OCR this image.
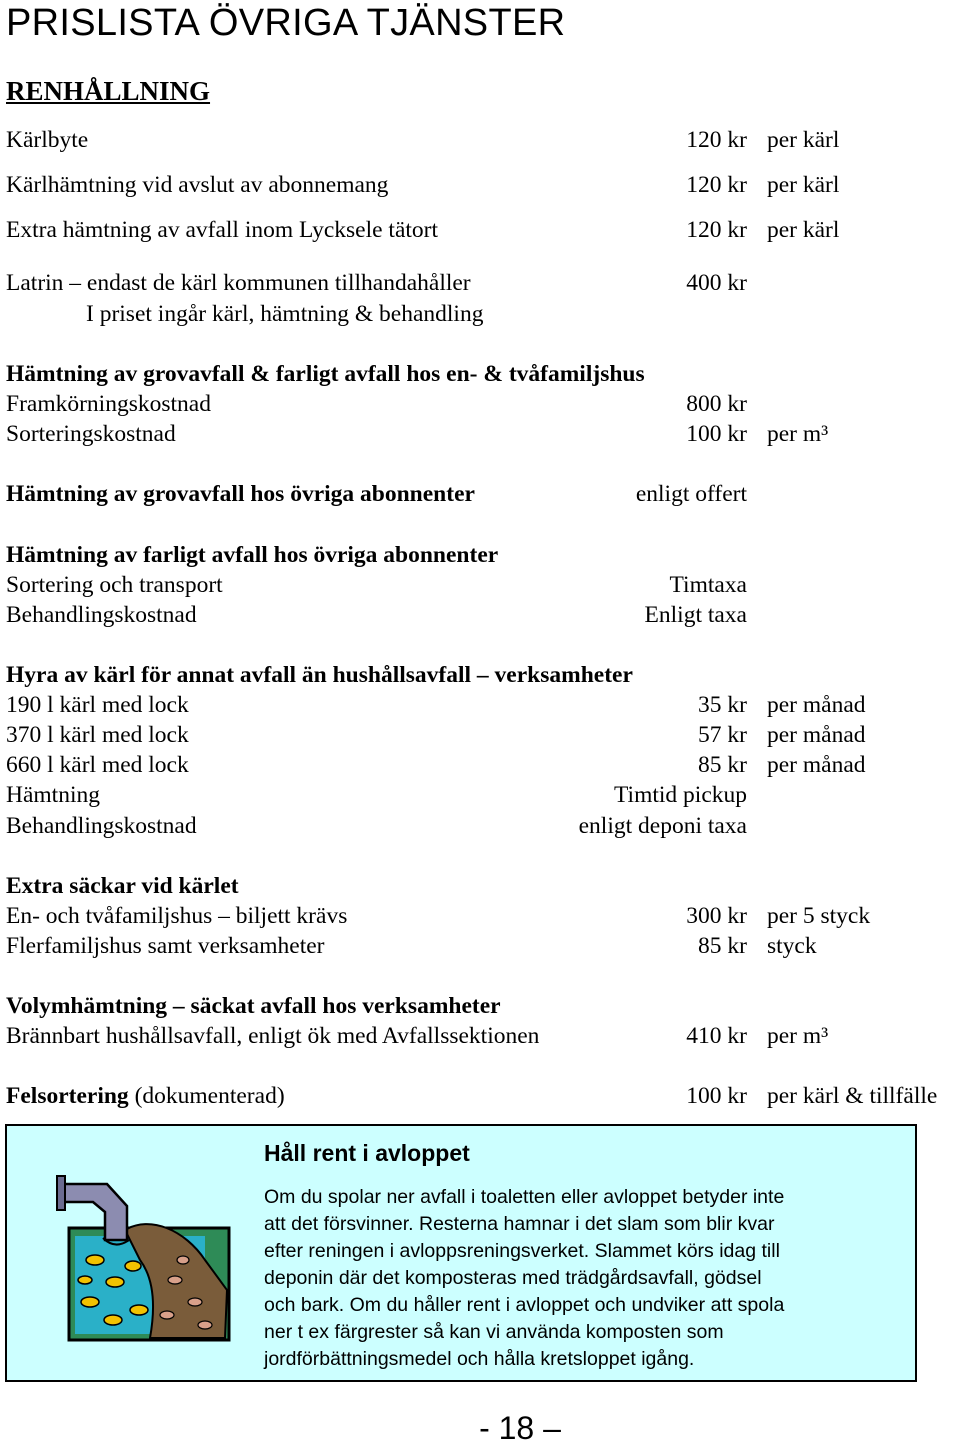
PRISLISTA ÖVRIGA TJÄNSTER
RENHÅLLNING
Kärlbyte	120 kr per kärl
Kärlhämtning vid avslut av abonnemang	120 kr per kärl
Extra hämtning av avfall inom Lycksele tätort	120 kr per kärl
Latrin – endast de kärl kommunen tillhandahåller	400 kr
I priset ingår kärl, hämtning & behandling
Hämtning av grovavfall & farligt avfall hos en- & tvåfamiljshus
Framkörningskostnad	800 kr
Sorteringskostnad	100 kr per m³
Hämtning av grovavfall hos övriga abonnenter	enligt offert
Hämtning av farligt avfall hos övriga abonnenter
Sortering och transport	Timtaxa
Behandlingskostnad	Enligt taxa
Hyra av kärl för annat avfall än hushållsavfall – verksamheter
190 l kärl med lock	35 kr per månad
370 l kärl med lock	57 kr per månad
660 l kärl med lock	85 kr per månad
Hämtning	Timtid pickup
Behandlingskostnad	enligt deponi taxa
Extra säckar vid kärlet
En- och tvåfamiljshus – biljett krävs	300 kr per 5 styck
Flerfamiljshus samt verksamheter	85 kr styck
Volymhämtning – säckat avfall hos verksamheter
Brännbart hushållsavfall, enligt ök med Avfallssektionen	410 kr per m³
Felsortering (dokumenterad)	100 kr per kärl & tillfälle
Håll rent i avloppet
Om du spolar ner avfall i toaletten eller avloppet betyder inte
att det försvinner. Resterna hamnar i det slam som blir kvar
efter reningen i avloppsreningsverket. Slammet körs idag till
deponin där det komposteras med trädgårdsavfall, gödsel
och bark. Om du håller rent i avloppet och undviker att spola
ner t ex färgrester så kan vi använda komposten som
jordförbättningsmedel och hålla kretsloppet igång.
- 18 –
